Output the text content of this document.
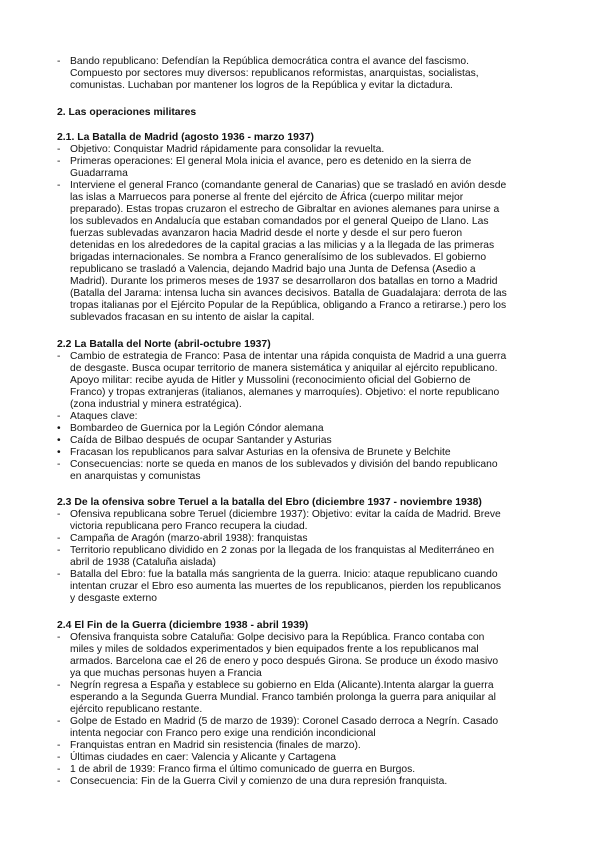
- Bando republicano: Defendían la República democrática contra el avance del fascismo.
Compuesto por sectores muy diversos: republicanos reformistas, anarquistas, socialistas,
comunistas. Luchaban por mantener los logros de la República y evitar la dictadura.
2. Las operaciones militares
2.1. La Batalla de Madrid (agosto 1936 - marzo 1937)
- Objetivo: Conquistar Madrid rápidamente para consolidar la revuelta.
- Primeras operaciones: El general Mola inicia el avance, pero es detenido en la sierra de
Guadarrama
- Interviene el general Franco (comandante general de Canarias) que se trasladó en avión desde
las islas a Marruecos para ponerse al frente del ejército de África (cuerpo militar mejor
preparado). Estas tropas cruzaron el estrecho de Gibraltar en aviones alemanes para unirse a
los sublevados en Andalucía que estaban comandados por el general Queipo de Llano. Las
fuerzas sublevadas avanzaron hacia Madrid desde el norte y desde el sur pero fueron
detenidas en los alrededores de la capital gracias a las milicias y a la llegada de las primeras
brigadas internacionales. Se nombra a Franco generalísimo de los sublevados. El gobierno
republicano se trasladó a Valencia, dejando Madrid bajo una Junta de Defensa (Asedio a
Madrid). Durante los primeros meses de 1937 se desarrollaron dos batallas en torno a Madrid
(Batalla del Jarama: intensa lucha sin avances decisivos. Batalla de Guadalajara: derrota de las
tropas italianas por el Ejército Popular de la República, obligando a Franco a retirarse.) pero los
sublevados fracasan en su intento de aislar la capital.
2.2 La Batalla del Norte (abril-octubre 1937)
- Cambio de estrategia de Franco: Pasa de intentar una rápida conquista de Madrid a una guerra
de desgaste. Busca ocupar territorio de manera sistemática y aniquilar al ejército republicano.
Apoyo militar: recibe ayuda de Hitler y Mussolini (reconocimiento oficial del Gobierno de
Franco) y tropas extranjeras (italianos, alemanes y marroquíes). Objetivo: el norte republicano
(zona industrial y minera estratégica).
- Ataques clave:
• Bombardeo de Guernica por la Legión Cóndor alemana
• Caída de Bilbao después de ocupar Santander y Asturias
• Fracasan los republicanos para salvar Asturias en la ofensiva de Brunete y Belchite
- Consecuencias: norte se queda en manos de los sublevados y división del bando republicano
en anarquistas y comunistas
2.3 De la ofensiva sobre Teruel a la batalla del Ebro (diciembre 1937 - noviembre 1938)
- Ofensiva republicana sobre Teruel (diciembre 1937): Objetivo: evitar la caída de Madrid. Breve
victoria republicana pero Franco recupera la ciudad.
- Campaña de Aragón (marzo-abril 1938): franquistas
- Territorio republicano dividido en 2 zonas por la llegada de los franquistas al Mediterráneo en
abril de 1938 (Cataluña aislada)
- Batalla del Ebro: fue la batalla más sangrienta de la guerra. Inicio: ataque republicano cuando
intentan cruzar el Ebro eso aumenta las muertes de los republicanos, pierden los republicanos
y desgaste externo
2.4 El Fin de la Guerra (diciembre 1938 - abril 1939)
- Ofensiva franquista sobre Cataluña: Golpe decisivo para la República. Franco contaba con
miles y miles de soldados experimentados y bien equipados frente a los republicanos mal
armados. Barcelona cae el 26 de enero y poco después Girona. Se produce un éxodo masivo
ya que muchas personas huyen a Francia
- Negrín regresa a España y establece su gobierno en Elda (Alicante).Intenta alargar la guerra
esperando a la Segunda Guerra Mundial. Franco también prolonga la guerra para aniquilar al
ejército republicano restante.
- Golpe de Estado en Madrid (5 de marzo de 1939): Coronel Casado derroca a Negrín. Casado
intenta negociar con Franco pero exige una rendición incondicional
- Franquistas entran en Madrid sin resistencia (finales de marzo).
- Últimas ciudades en caer: Valencia y Alicante y Cartagena
- 1 de abril de 1939: Franco firma el último comunicado de guerra en Burgos.
- Consecuencia: Fin de la Guerra Civil y comienzo de una dura represión franquista.
